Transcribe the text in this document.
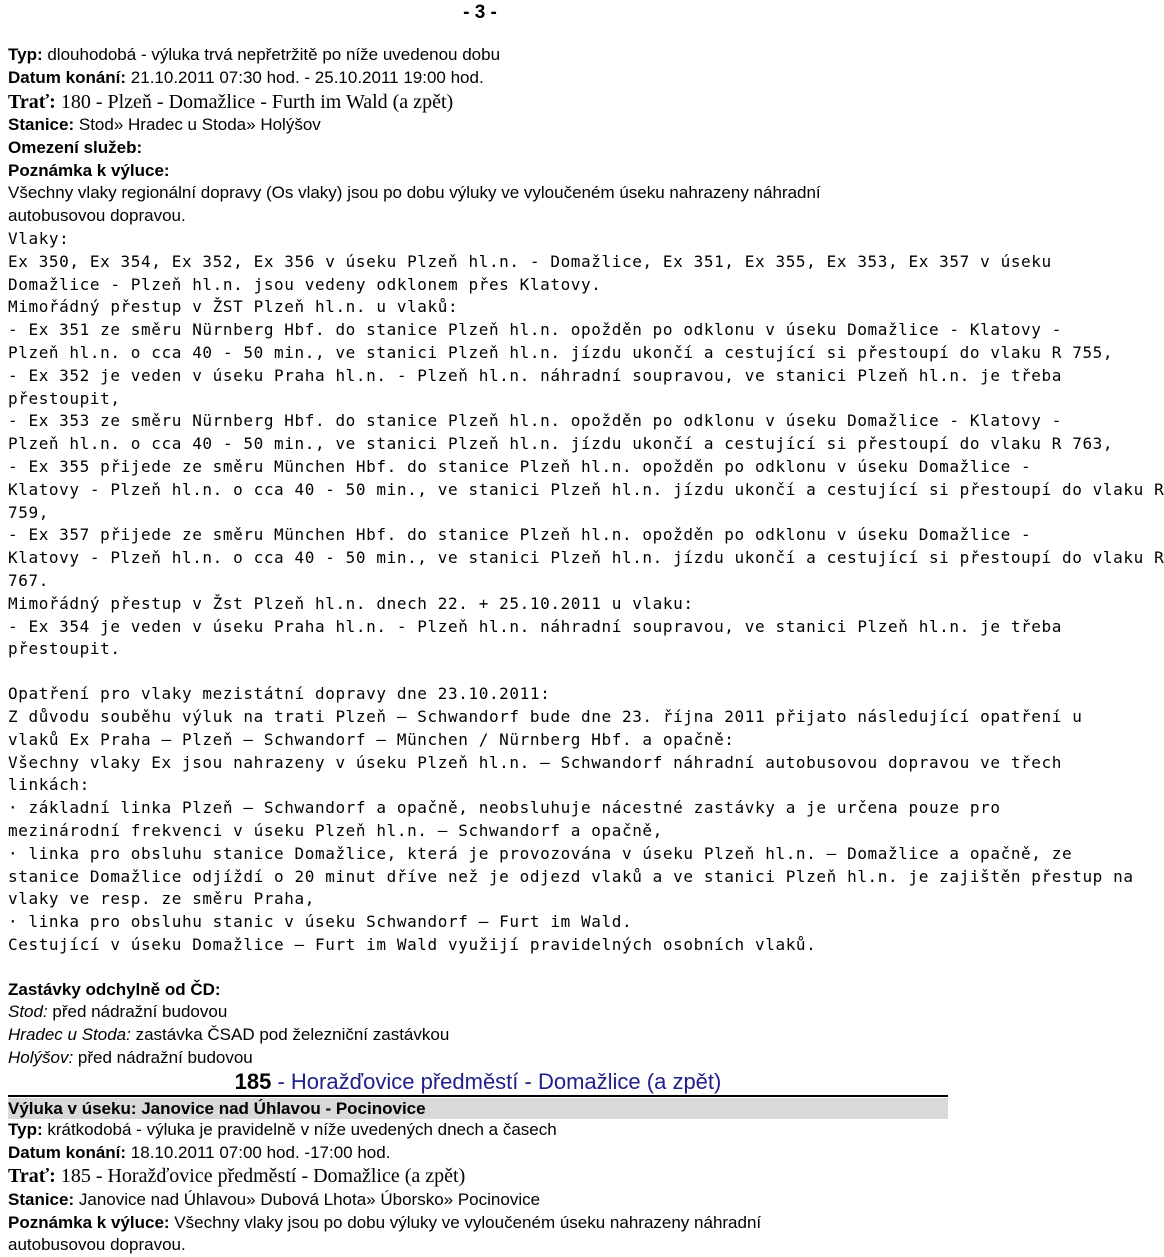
- 3 -
Typ: dlouhodobá - výluka trvá nepřetržitě po níže uvedenou dobu
Datum konání: 21.10.2011 07:30 hod. - 25.10.2011 19:00 hod.
Trať: 180 - Plzeň - Domažlice - Furth im Wald (a zpět)
Stanice: Stod» Hradec u Stoda» Holýšov
Omezení služeb:
Poznámka k výluce:
Všechny vlaky regionální dopravy (Os vlaky) jsou po dobu výluky ve vyloučeném úseku nahrazeny náhradní
autobusovou dopravou.
Vlaky:
Ex 350, Ex 354, Ex 352, Ex 356 v úseku Plzeň hl.n. - Domažlice, Ex 351, Ex 355, Ex 353, Ex 357 v úseku
Domažlice - Plzeň hl.n. jsou vedeny odklonem přes Klatovy.
Mimořádný přestup v ŽST Plzeň hl.n. u vlaků:
- Ex 351 ze směru Nürnberg Hbf. do stanice Plzeň hl.n. opožděn po odklonu v úseku Domažlice - Klatovy -
Plzeň hl.n. o cca 40 - 50 min., ve stanici Plzeň hl.n. jízdu ukončí a cestující si přestoupí do vlaku R 755,
- Ex 352 je veden v úseku Praha hl.n. - Plzeň hl.n. náhradní soupravou, ve stanici Plzeň hl.n. je třeba
přestoupit,
- Ex 353 ze směru Nürnberg Hbf. do stanice Plzeň hl.n. opožděn po odklonu v úseku Domažlice - Klatovy -
Plzeň hl.n. o cca 40 - 50 min., ve stanici Plzeň hl.n. jízdu ukončí a cestující si přestoupí do vlaku R 763,
- Ex 355 přijede ze směru München Hbf. do stanice Plzeň hl.n. opožděn po odklonu v úseku Domažlice -
Klatovy - Plzeň hl.n. o cca 40 - 50 min., ve stanici Plzeň hl.n. jízdu ukončí a cestující si přestoupí do vlaku R
759,
- Ex 357 přijede ze směru München Hbf. do stanice Plzeň hl.n. opožděn po odklonu v úseku Domažlice -
Klatovy - Plzeň hl.n. o cca 40 - 50 min., ve stanici Plzeň hl.n. jízdu ukončí a cestující si přestoupí do vlaku R
767.
Mimořádný přestup v Žst Plzeň hl.n. dnech 22. + 25.10.2011 u vlaku:
- Ex 354 je veden v úseku Praha hl.n. - Plzeň hl.n. náhradní soupravou, ve stanici Plzeň hl.n. je třeba
přestoupit.
Opatření pro vlaky mezistátní dopravy dne 23.10.2011:
Z důvodu souběhu výluk na trati Plzeň – Schwandorf bude dne 23. října 2011 přijato následující opatření u
vlaků Ex Praha – Plzeň – Schwandorf – München / Nürnberg Hbf. a opačně:
Všechny vlaky Ex jsou nahrazeny v úseku Plzeň hl.n. – Schwandorf náhradní autobusovou dopravou ve třech
linkách:
· základní linka Plzeň – Schwandorf a opačně, neobsluhuje nácestné zastávky a je určena pouze pro
mezinárodní frekvenci v úseku Plzeň hl.n. – Schwandorf a opačně,
· linka pro obsluhu stanice Domažlice, která je provozována v úseku Plzeň hl.n. – Domažlice a opačně, ze
stanice Domažlice odjíždí o 20 minut dříve než je odjezd vlaků a ve stanici Plzeň hl.n. je zajištěn přestup na
vlaky ve resp. ze směru Praha,
· linka pro obsluhu stanic v úseku Schwandorf – Furt im Wald.
Cestující v úseku Domažlice – Furt im Wald využijí pravidelných osobních vlaků.
Zastávky odchylně od ČD:
Stod: před nádražní budovou
Hradec u Stoda: zastávka ČSAD pod železniční zastávkou
Holýšov: před nádražní budovou
185 - Horažďovice předměstí - Domažlice (a zpět)
Výluka v úseku: Janovice nad Úhlavou - Pocinovice
Typ: krátkodobá - výluka je pravidelně v níže uvedených dnech a časech
Datum konání: 18.10.2011 07:00 hod. -17:00 hod.
Trať: 185 - Horažďovice předměstí - Domažlice (a zpět)
Stanice: Janovice nad Úhlavou» Dubová Lhota» Úborsko» Pocinovice
Poznámka k výluce: Všechny vlaky jsou po dobu výluky ve vyloučeném úseku nahrazeny náhradní
autobusovou dopravou.
